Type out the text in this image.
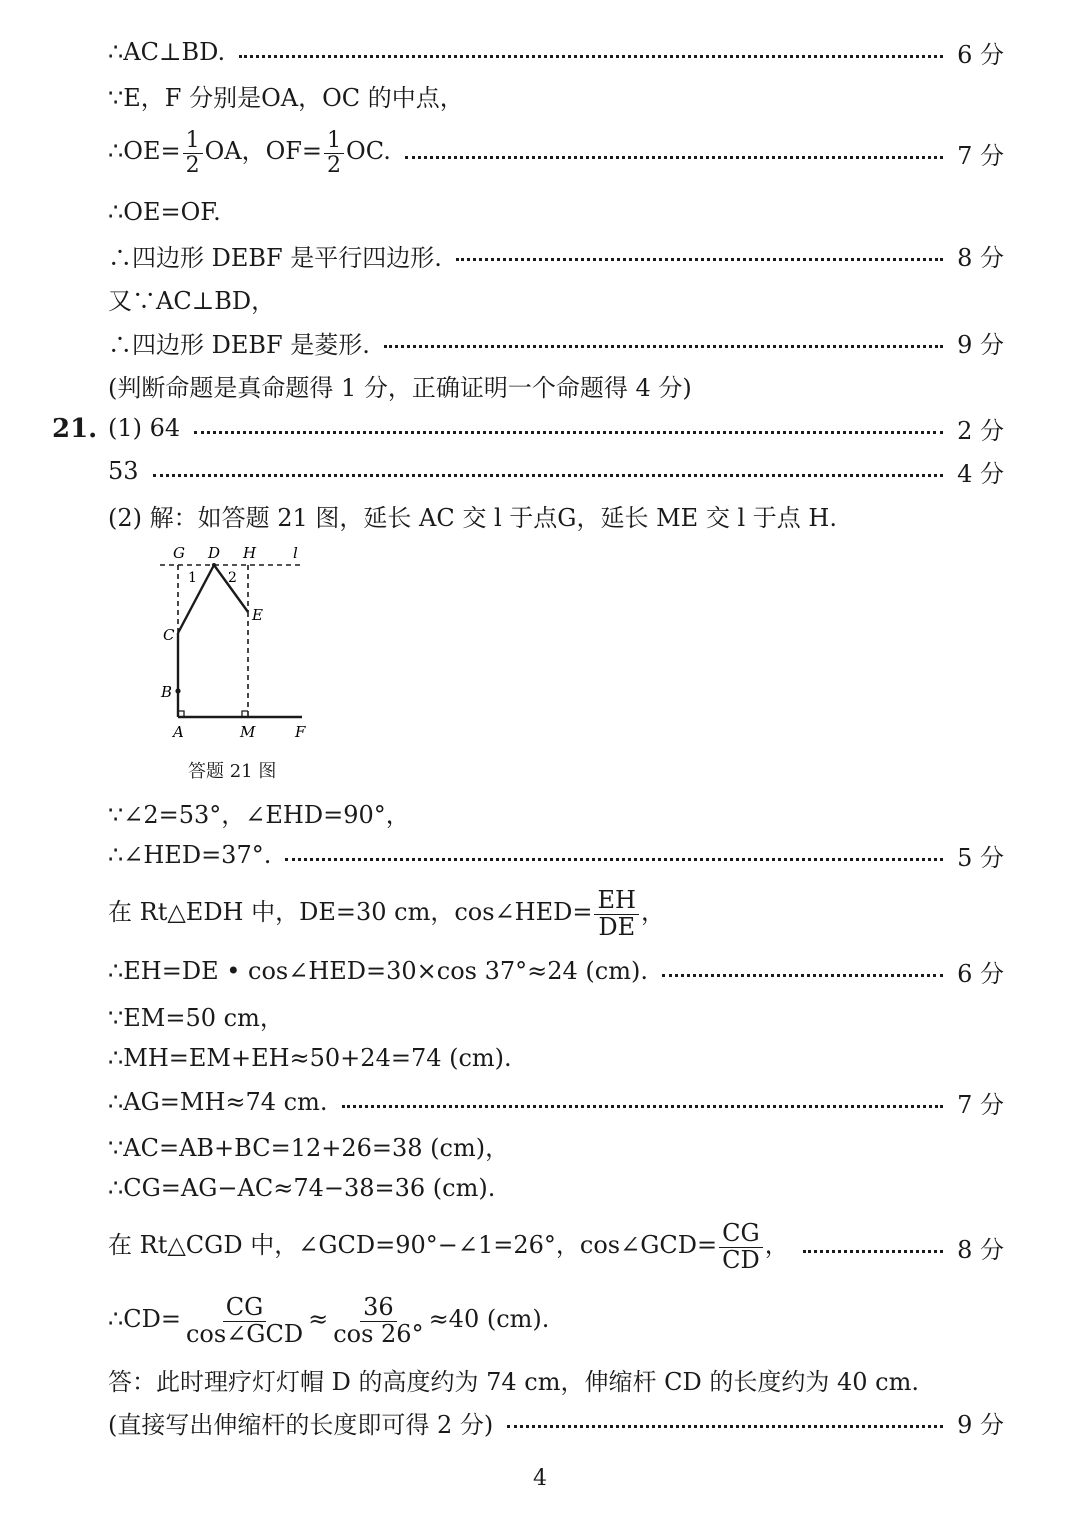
∴AC⊥BD.	6 分
∵E，F 分别是OA，OC 的中点，
∴OE= $\frac{1}{2}$ OA，$OF= \frac{1}{2}$ OC.	7 分
∴OE=OF.
∴四边形 DEBF 是平行四边形.	8 分
又∵AC⊥BD，
∴四边形 DEBF 是菱形.	9 分
(判断命题是真命题得 1 分，正确证明一个命题得 4 分)
21. (1) 64	2 分
53	4 分
(2) 解：如答题 21 图，延长 AC 交 l 于点G，延长 ME 交 l 于点 H.
G D H l
1 2
E
C
B
A	M	F
答题 21 图
∵∠2=53°，∠EHD=90°，
∴∠HED=37°.	5 分
在 Rt△EDH 中，DE=30 cm，cos∠HED= $\frac{EH}{DE}$ ，
∴EH=DE • cos∠HED=30×cos 37°≈24 (cm).	6 分
∵EM=50 cm，
∴MH=EM+EH≈50+24=74 (cm).
∴AG=MH≈74 cm.	7 分
∵AC=AB+BC=12+26=38 (cm)，
∴CG=AG−AC≈74−38=36 (cm).
在 Rt△CGD 中，∠GCD=90°−∠1=26°，cos∠GCD= $\frac{CG}{CD}$ ，	8 分
∴CD= $\frac{CG}{\text{cos∠GCD}} \approx \frac{36}{\cos 26^\circ} \approx 40$ (cm).
答：此时理疗灯灯帽 D 的高度约为 74 cm，伸缩杆 CD 的长度约为 40 cm.
(直接写出伸缩杆的长度即可得 2 分)	9 分
4
